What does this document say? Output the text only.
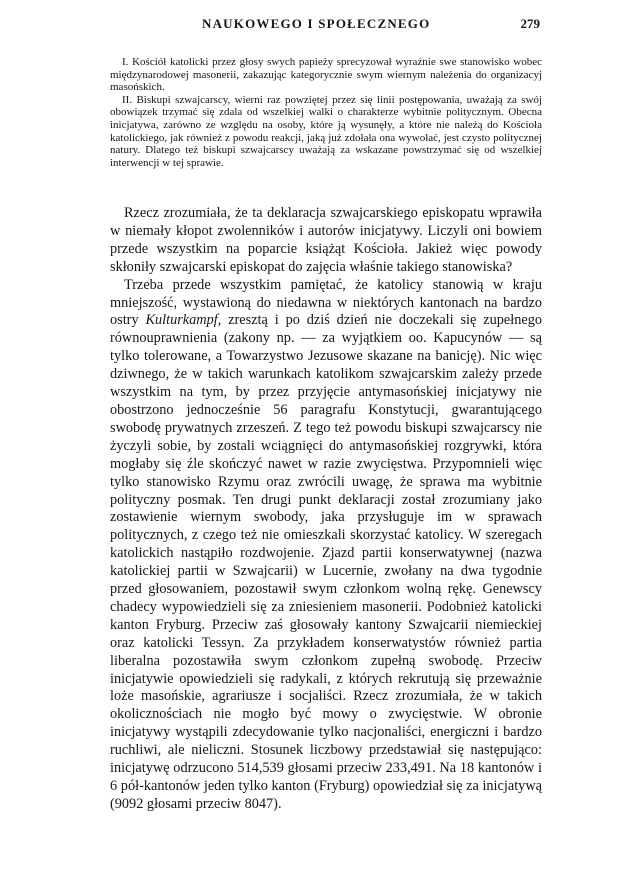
NAUKOWEGO I SPOŁECZNEGO	279

I. Kościół katolicki przez głosy swych papieży sprecyzował wyraźnie swe stanowisko wobec międzynarodowej masonerii, zakazując kategorycznie swym wiernym należenia do organizacyj masońskich.

II. Biskupi szwajcarscy, wierni raz powziętej przez się linii postępowania, uważają za swój obowiązek trzymać się zdala od wszelkiej walki o charakterze wybitnie politycznym. Obecna inicjatywa, zarówno ze względu na osoby, które ją wysunęły, a które nie należą do Kościoła katolickiego, jak również z powodu reakcji, jaką już zdołała ona wywołać, jest czysto politycznej natury. Dlatego też biskupi szwajcarscy uważają za wskazane powstrzymać się od wszelkiej interwencji w tej sprawie.

Rzecz zrozumiała, że ta deklaracja szwajcarskiego episkopatu wprawiła w niemały kłopot zwolenników i autorów inicjatywy. Liczyli oni bowiem przede wszystkim na poparcie książąt Kościoła. Jakież więc powody skłoniły szwajcarski episkopat do zajęcia właśnie takiego stanowiska?

Trzeba przede wszystkim pamiętać, że katolicy stanowią w kraju mniejszość, wystawioną do niedawna w niektórych kantonach na bardzo ostry Kulturkampf, zresztą i po dziś dzień nie doczekali się zupełnego równouprawnienia (zakony np. — za wyjątkiem oo. Kapucynów — są tylko tolerowane, a Towarzystwo Jezusowe skazane na banicję). Nic więc dziwnego, że w takich warunkach katolikom szwajcarskim zależy przede wszystkim na tym, by przez przyjęcie antymasońskiej inicjatywy nie obostrzono jednocześnie 56 paragrafu Konstytucji, gwarantującego swobodę prywatnych zrzeszeń. Z tego też powodu biskupi szwajcarscy nie życzyli sobie, by zostali wciągnięci do antymasońskiej rozgrywki, która mogłaby się źle skończyć nawet w razie zwycięstwa. Przypomnieli więc tylko stanowisko Rzymu oraz zwrócili uwagę, że sprawa ma wybitnie polityczny posmak. Ten drugi punkt deklaracji został zrozumiany jako zostawienie wiernym swobody, jaka przysługuje im w sprawach politycznych, z czego też nie omieszkali skorzystać katolicy. W szeregach katolickich nastąpiło rozdwojenie. Zjazd partii konserwatywnej (nazwa katolickiej partii w Szwajcarii) w Lucernie, zwołany na dwa tygodnie przed głosowaniem, pozostawił swym członkom wolną rękę. Genewscy chadecy wypowiedzieli się za zniesieniem masonerii. Podobnież katolicki kanton Fryburg. Przeciw zaś głosowały kantony Szwajcarii niemieckiej oraz katolicki Tessyn. Za przykładem konserwatystów również partia liberalna pozostawiła swym członkom zupełną swobodę. Przeciw inicjatywie opowiedzieli się radykali, z których rekrutują się przeważnie loże masońskie, agrariusze i socjaliści. Rzecz zrozumiała, że w takich okolicznościach nie mogło być mowy o zwycięstwie. W obronie inicjatywy wystąpili zdecydowanie tylko nacjonaliści, energiczni i bardzo ruchliwi, ale nieliczni. Stosunek liczbowy przedstawiał się następująco: inicjatywę odrzucono 514,539 głosami przeciw 233,491. Na 18 kantonów i 6 pół-kantonów jeden tylko kanton (Fryburg) opowiedział się za inicjatywą (9092 głosami przeciw 8047).
